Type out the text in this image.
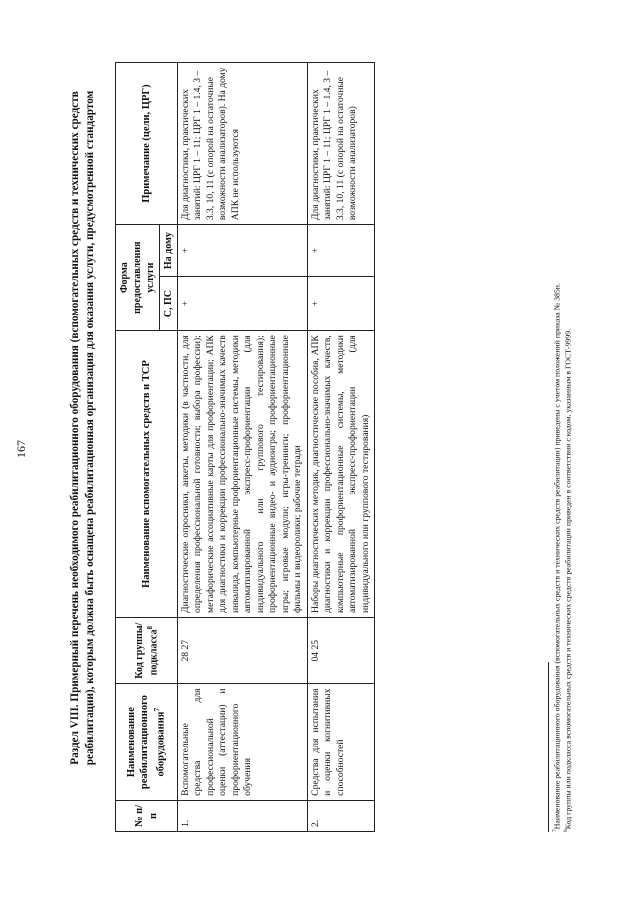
167	Раздел VIII. Примерный перечень необходимого реабилитационного оборудования (вспомогательных средств и технических средств реабилитации), которым должна быть оснащена реабилитационная организация для оказания услуги, предусмотренной стандартом
№ п/п	Наименование реабилитационного оборудования$^7$	Код группы/ подкласса$^8$	Наименование вспомогательных средств и ТСР	Форма предоставления услуги		Примечание (цели, ЦРГ)
				С, ПС	На дому	
1.	Вспомогательные средства для профессиональной оценки (аттестации) и профориентационного обучения	28 27	Диагностические опросники, анкеты, методики (в частности, для определения профессиональной готовности; выбора профессии); метафорические ассоциативные карты для профориентации; АПК для диагностики и коррекции профессионально-значимых качеств инвалида, компьютерные профориентационные системы, методики автоматизированной экспресс-профориентации (для индивидуального или группового тестирования); профориентационные видео- и аудиоигры; профориентационные игры; игровые модули; игры-тренинги; профориентационные фильмы и видеоролики; рабочие тетради	+	+	Для диагностики, практических занятий: ЦРГ 1 – 11; ЦРГ 1 – 1.4, 3 – 3.3, 10, 11 (с опорой на остаточные возможности анализаторов). На дому АПК не используются
2.	Средства для испытания и оценки когнитивных способностей	04 25	Наборы диагностических методик, диагностические пособия, АПК диагностики и коррекции профессионально-значимых качеств, компьютерные профориентационные системы, методики автоматизированной экспресс-профориентации (для индивидуального или группового тестирования)	+	+	Для диагностики, практических занятий: ЦРГ 1 – 11; ЦРГ 1 – 1.4, 3 – 3.3, 10, 11 (с опорой на остаточные возможности анализаторов)
$^7$Наименование реабилитационного оборудования (вспомогательных средств и технических средств реабилитации) приведены с учетом положений приказа № 385н.
$^8$Код группы или подкласса вспомогательных средств и технических средств реабилитации приведен в соответствии с кодом, указанным в ГОСТ-9999.
